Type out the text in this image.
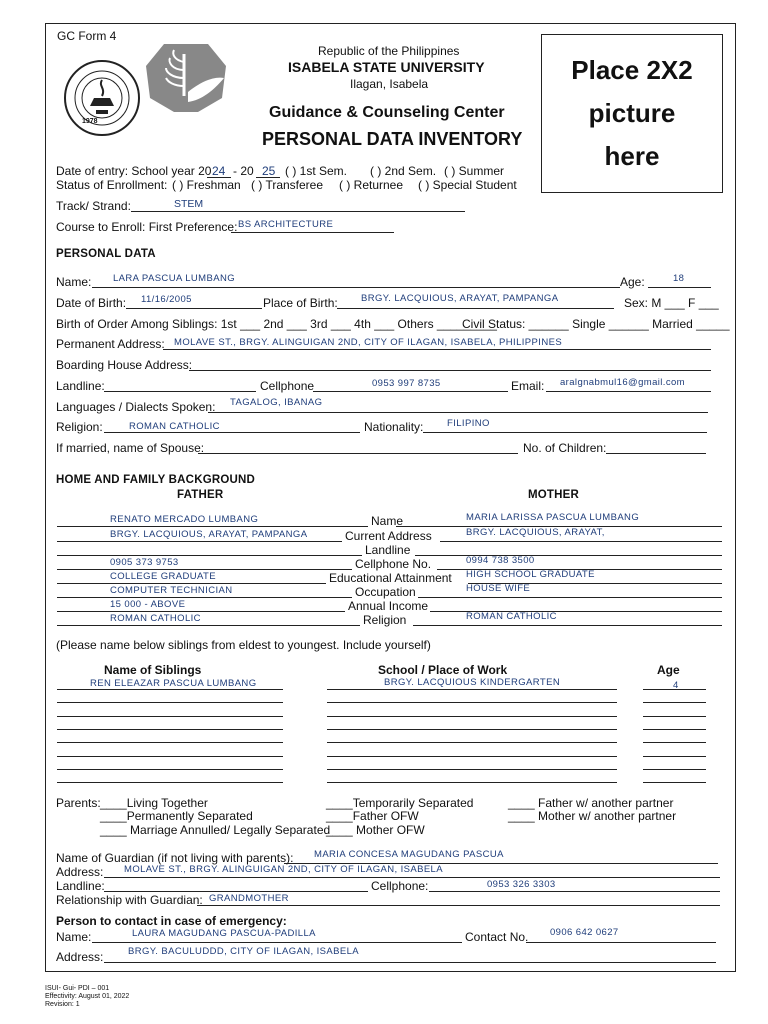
GC Form 4
1978
Republic of the Philippines
ISABELA STATE UNIVERSITY
Ilagan, Isabela
Guidance & Counseling Center
PERSONAL DATA INVENTORY
Place 2X2
picture
here
Date of entry: School year 20 24 - 20 25 ( ) 1st Sem. ( ) 2nd Sem. ( ) Summer
Status of Enrollment: ( ) Freshman ( ) Transferee ( ) Returnee ( ) Special Student
Track/ Strand:	STEM
Course to Enroll: First Preference: BS ARCHITECTURE
PERSONAL DATA
Name: LARA PASCUA LUMBANG	Age:	18
Date of Birth: 11/16/2005	Place of Birth: BRGY. LACQUIOUS, ARAYAT, PAMPANGA	Sex: M ___ F ___
Birth of Order Among Siblings: 1st ___ 2nd ___ 3rd ___ 4th ___ Others _________
Civil Status: ______ Single ______ Married _____
Permanent Address: MOLAVE ST., BRGY. ALINGUIGAN 2ND, CITY OF ILAGAN, ISABELA, PHILIPPINES
Boarding House Address:
Landline:	Cellphone	0953 997 8735	Email: aralgnabmul16@gmail.com
Languages / Dialects Spoken: TAGALOG, IBANAG
Religion:	ROMAN CATHOLIC	Nationality: FILIPINO
If married, name of Spouse:	No. of Children:
HOME AND FAMILY BACKGROUND
FATHER	MOTHER
Name
RENATO MERCADO LUMBANG	MARIA LARISSA PASCUA LUMBANG
Current Address
BRGY. LACQUIOUS, ARAYAT, PAMPANGA	BRGY. LACQUIOUS, ARAYAT,
Landline
Cellphone No.
0905 373 9753	0994 738 3500
Educational Attainment
COLLEGE GRADUATE	HIGH SCHOOL GRADUATE
Occupation
COMPUTER TECHNICIAN	HOUSE WIFE
Annual Income
15 000 - ABOVE
Religion
ROMAN CATHOLIC	ROMAN CATHOLIC
(Please name below siblings from eldest to youngest. Include yourself)
Name of Siblings	School / Place of Work	Age
REN ELEAZAR PASCUA LUMBANG	BRGY. LACQUIOUS KINDERGARTEN	4
Parents: ____Living Together
____Permanently Separated
____ Marriage Annulled/ Legally Separated
____Temporarily Separated
____Father OFW
____ Mother OFW
____ Father w/ another partner
____ Mother w/ another partner
Name of Guardian (if not living with parents): MARIA CONCESA MAGUDANG PASCUA
Address: MOLAVE ST., BRGY. ALINGUIGAN 2ND, CITY OF ILAGAN, ISABELA
Landline:	Cellphone:	0953 326 3303
Relationship with Guardian: GRANDMOTHER
Person to contact in case of emergency:
Name:	LAURA MAGUDANG PASCUA-PADILLA	Contact No. 0906 642 0627
Address:	BRGY. BACULUDDD, CITY OF ILAGAN, ISABELA
ISUI- Gui- PDI – 001
Effectivity: August 01, 2022
Revision: 1
